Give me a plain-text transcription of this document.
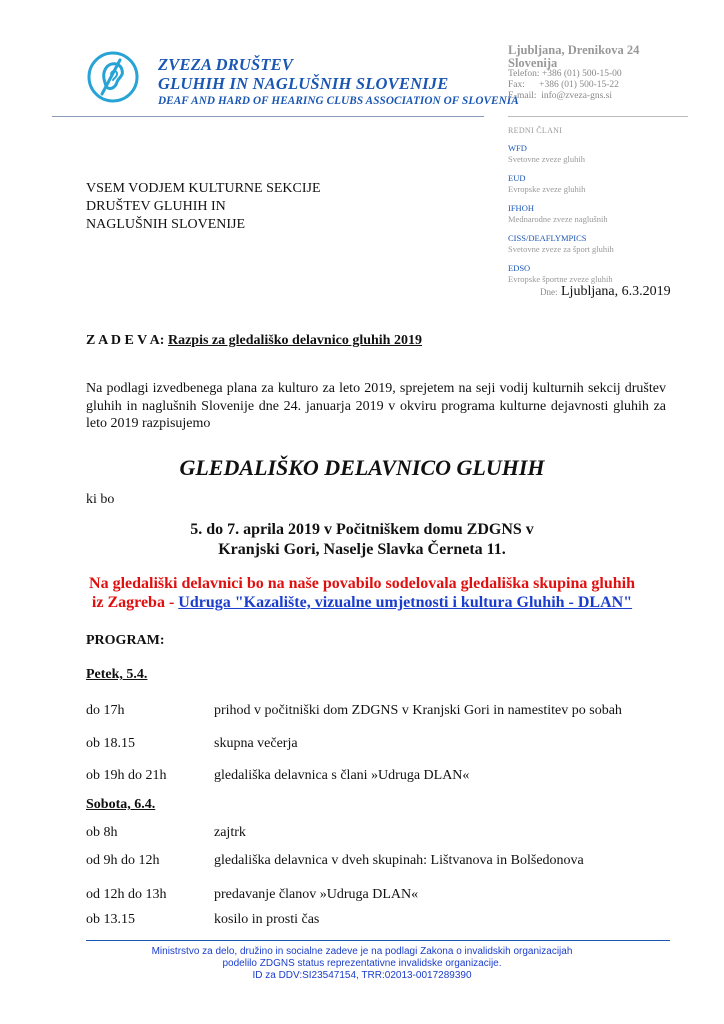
ZVEZA DRUŠTEV
GLUHIH IN NAGLUŠNIH SLOVENIJE
DEAF AND HARD OF HEARING CLUBS ASSOCIATION OF SLOVENIA
Ljubljana, Drenikova 24
Slovenija
Telefon: +386 (01) 500-15-00
Fax:      +386 (01) 500-15-22
E-mail:  info@zveza-gns.si
REDNI ČLANI
WFD
Svetovne zveze gluhih
EUD
Evropske zveze gluhih
IFHOH
Mednarodne zveze naglušnih
CISS/DEAFLYMPICS
Svetovne zveze za šport gluhih
EDSO
Evropske športne zveze gluhih
VSEM VODJEM KULTURNE SEKCIJE
DRUŠTEV GLUHIH IN
NAGLUŠNIH SLOVENIJE
Dne: Ljubljana, 6.3.2019
Z A D E V A: Razpis za gledališko delavnico gluhih 2019
Na podlagi izvedbenega plana za kulturo za leto 2019, sprejetem na seji vodij kulturnih sekcij društev gluhih in naglušnih Slovenije dne 24. januarja 2019 v okviru programa kulturne dejavnosti gluhih za leto 2019 razpisujemo
GLEDALIŠKO DELAVNICO GLUHIH
ki bo
5. do 7. aprila 2019 v Počitniškem domu ZDGNS v
Kranjski Gori, Naselje Slavka Černeta 11.
Na gledališki delavnici bo na naše povabilo sodelovala gledališka skupina gluhih
iz Zagreba - Udruga "Kazalište, vizualne umjetnosti i kultura Gluhih - DLAN"
PROGRAM:
Petek, 5.4.
do 17h	prihod v počitniški dom ZDGNS v Kranjski Gori in namestitev po sobah
ob 18.15	skupna večerja
ob 19h do 21h	gledališka delavnica s člani »Udruga DLAN«
Sobota, 6.4.
ob 8h	zajtrk
od 9h do 12h	gledališka delavnica v dveh skupinah: Lištvanova in Bolšedonova
od 12h do 13h	predavanje članov »Udruga DLAN«
ob 13.15	kosilo in prosti čas
Ministrstvo za delo, družino in socialne zadeve je na podlagi Zakona o invalidskih organizacijah
podelilo ZDGNS status reprezentativne invalidske organizacije.
ID za DDV:SI23547154, TRR:02013-0017289390
